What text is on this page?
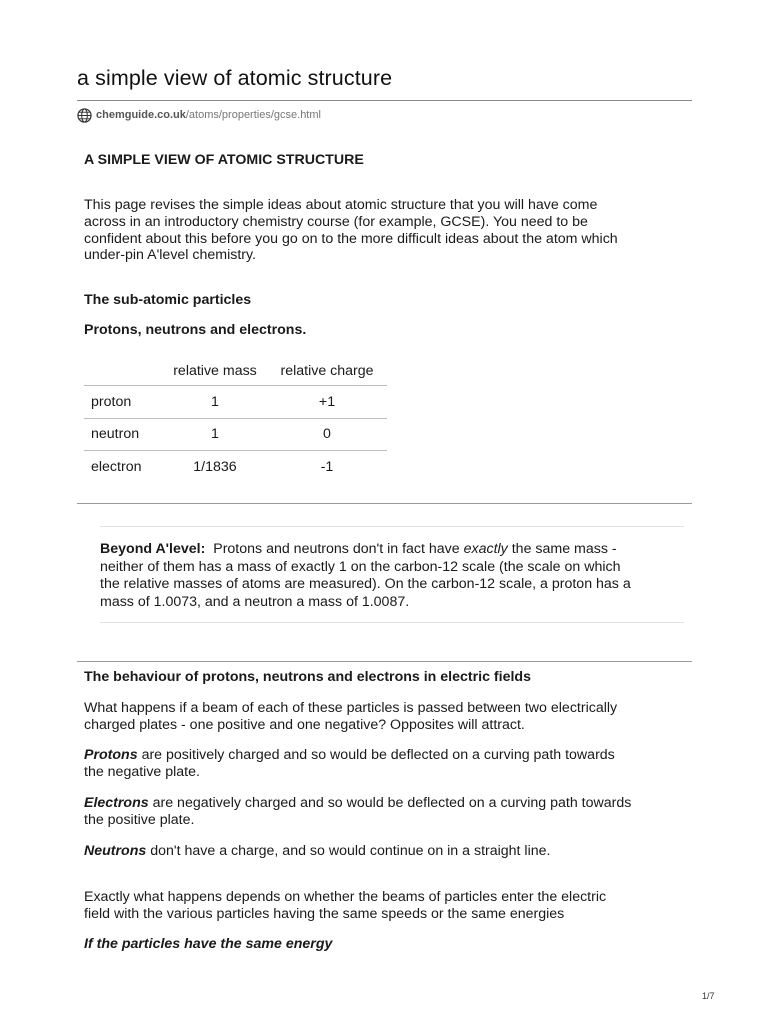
a simple view of atomic structure
chemguide.co.uk /atoms/properties/gcse.html
A SIMPLE VIEW OF ATOMIC STRUCTURE

This page revises the simple ideas about atomic structure that you will have come
across in an introductory chemistry course (for example, GCSE). You need to be
confident about this before you go on to the more difficult ideas about the atom which
under-pin A'level chemistry.

The sub-atomic particles
Protons, neutrons and electrons.
	relative mass	relative charge
proton	1	+1
neutron	1	0
electron	1/1836	-1

Beyond A'level: Protons and neutrons don't in fact have exactly the same mass -
neither of them has a mass of exactly 1 on the carbon-12 scale (the scale on which
the relative masses of atoms are measured). On the carbon-12 scale, a proton has a
mass of 1.0073, and a neutron a mass of 1.0087.

The behaviour of protons, neutrons and electrons in electric fields

What happens if a beam of each of these particles is passed between two electrically
charged plates - one positive and one negative? Opposites will attract.

Protons are positively charged and so would be deflected on a curving path towards
the negative plate.

Electrons are negatively charged and so would be deflected on a curving path towards
the positive plate.

Neutrons don't have a charge, and so would continue on in a straight line.

Exactly what happens depends on whether the beams of particles enter the electric
field with the various particles having the same speeds or the same energies

If the particles have the same energy

1/7
